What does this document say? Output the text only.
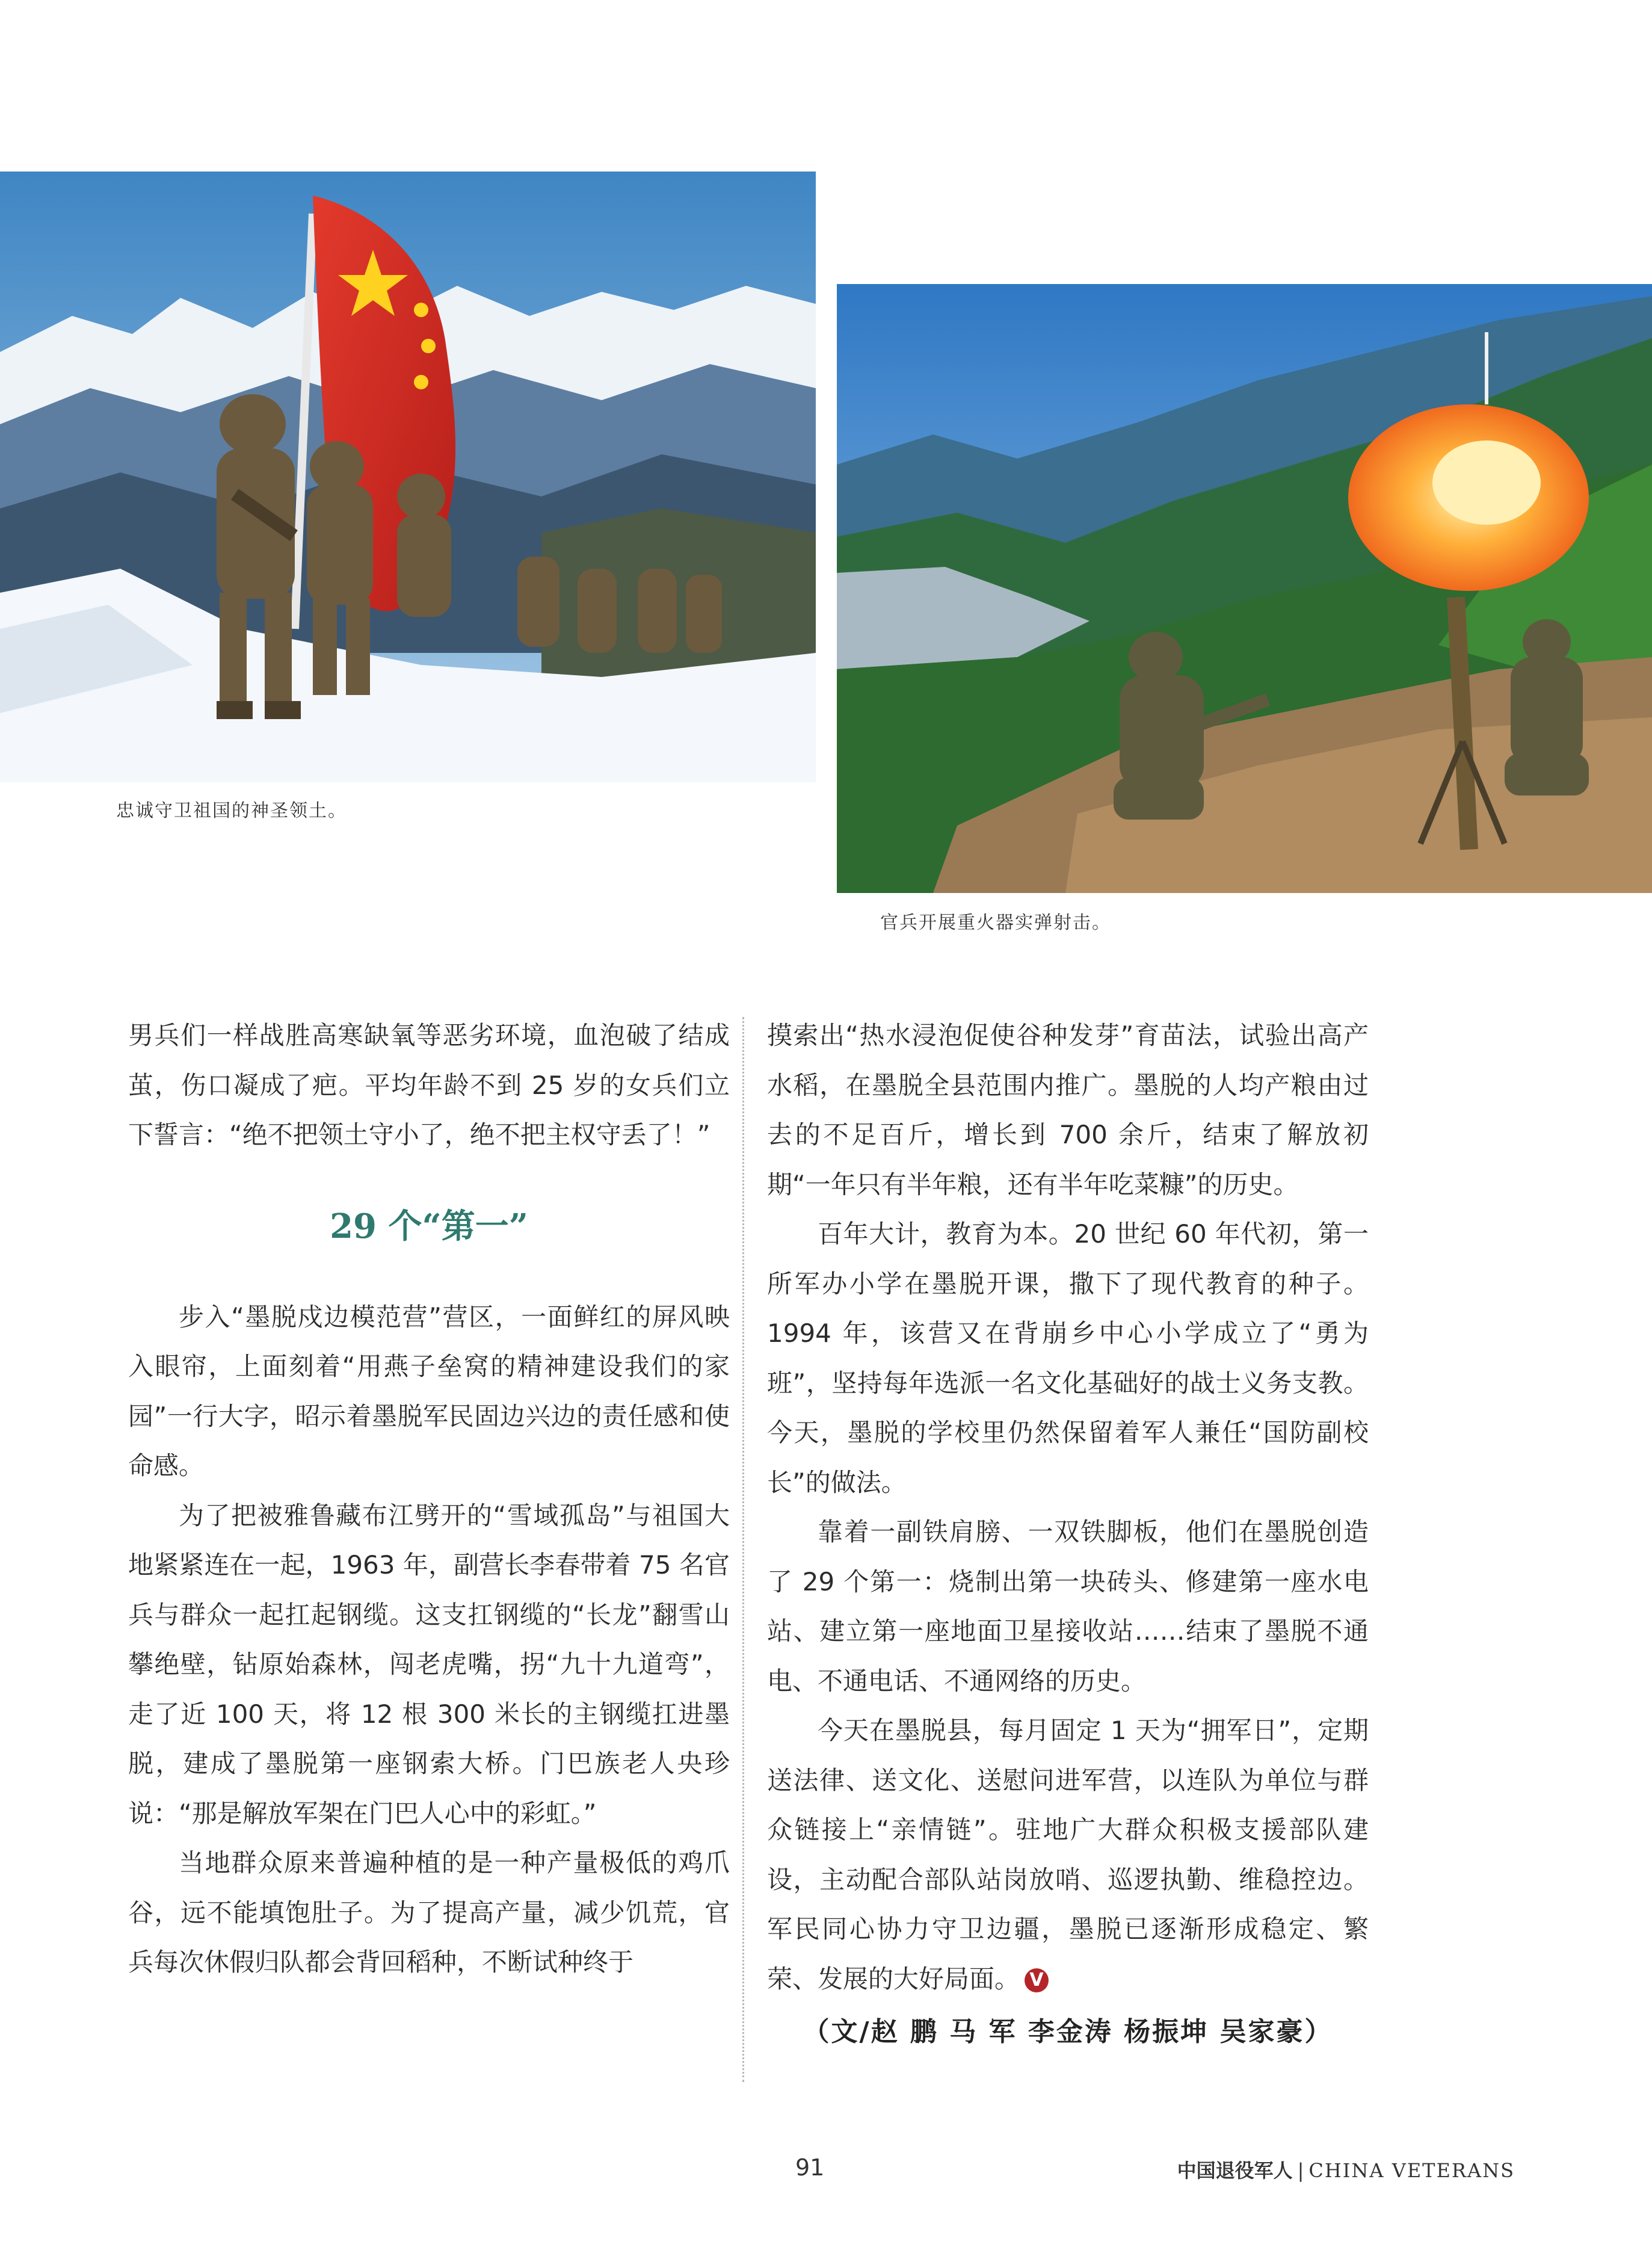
忠诚守卫祖国的神圣领土。
官兵开展重火器实弹射击。

男兵们一样战胜高寒缺氧等恶劣环境，血泡破了结成茧，伤口凝成了疤。平均年龄不到 25 岁的女兵们立下誓言：“绝不把领土守小了，绝不把主权守丢了！”

29 个“第一”

步入“墨脱戍边模范营”营区，一面鲜红的屏风映入眼帘，上面刻着“用燕子垒窝的精神建设我们的家园”一行大字，昭示着墨脱军民固边兴边的责任感和使命感。

为了把被雅鲁藏布江劈开的“雪域孤岛”与祖国大地紧紧连在一起，1963 年，副营长李春带着 75 名官兵与群众一起扛起钢缆。这支扛钢缆的“长龙”翻雪山攀绝壁，钻原始森林，闯老虎嘴，拐“九十九道弯”，走了近 100 天，将 12 根 300 米长的主钢缆扛进墨脱，建成了墨脱第一座钢索大桥。门巴族老人央珍说：“那是解放军架在门巴人心中的彩虹。”

当地群众原来普遍种植的是一种产量极低的鸡爪谷，远不能填饱肚子。为了提高产量，减少饥荒，官兵每次休假归队都会背回稻种，不断试种终于

摸索出“热水浸泡促使谷种发芽”育苗法，试验出高产水稻，在墨脱全县范围内推广。墨脱的人均产粮由过去的不足百斤，增长到 700 余斤，结束了解放初期“一年只有半年粮，还有半年吃菜糠”的历史。

百年大计，教育为本。20 世纪 60 年代初，第一所军办小学在墨脱开课，撒下了现代教育的种子。1994 年，该营又在背崩乡中心小学成立了“勇为班”，坚持每年选派一名文化基础好的战士义务支教。今天，墨脱的学校里仍然保留着军人兼任“国防副校长”的做法。

靠着一副铁肩膀、一双铁脚板，他们在墨脱创造了 29 个第一：烧制出第一块砖头、修建第一座水电站、建立第一座地面卫星接收站……结束了墨脱不通电、不通电话、不通网络的历史。

今天在墨脱县，每月固定 1 天为“拥军日”，定期送法律、送文化、送慰问进军营，以连队为单位与群众链接上“亲情链”。驻地广大群众积极支援部队建设，主动配合部队站岗放哨、巡逻执勤、维稳控边。军民同心协力守卫边疆，墨脱已逐渐形成稳定、繁荣、发展的大好局面。 V

（文/赵 鹏 马 军 李金涛 杨振坤 吴家豪）
91	中国退役军人 | CHINA VETERANS
